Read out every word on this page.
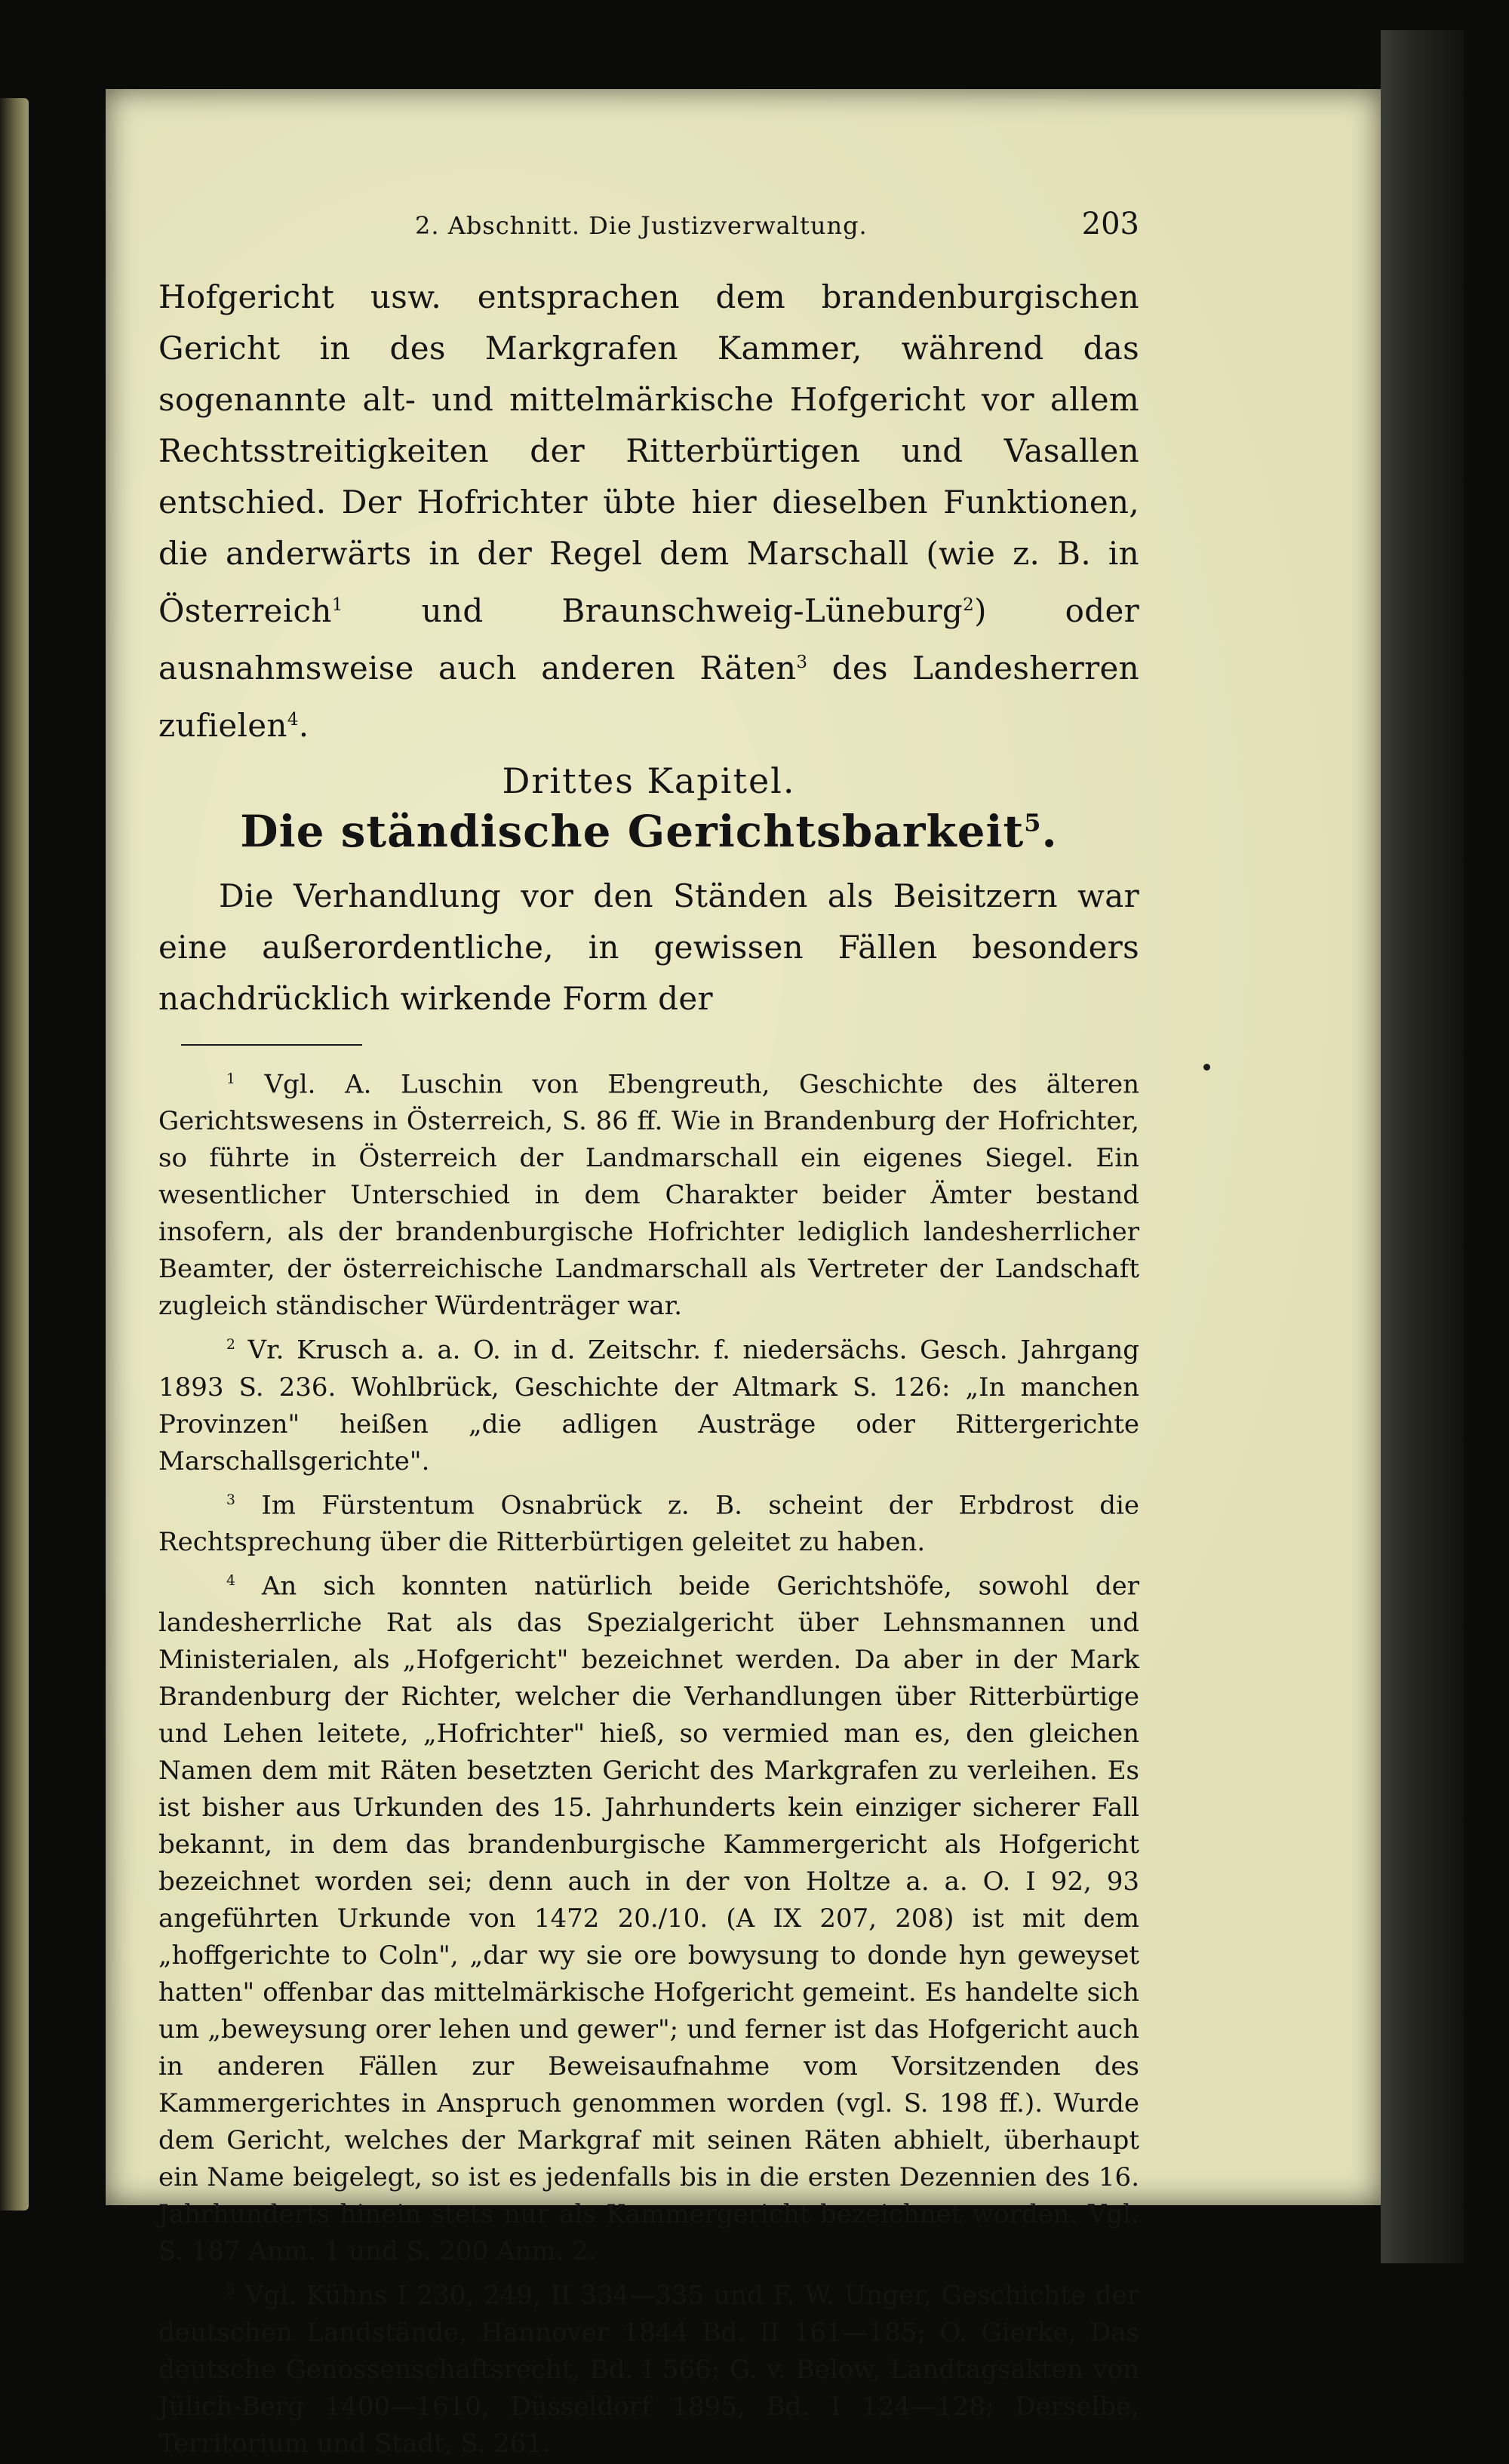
2. Abschnitt. Die Justizverwaltung.	203

Hofgericht usw. entsprachen dem brandenburgischen Gericht in des Markgrafen Kammer, während das sogenannte alt- und mittelmärkische Hofgericht vor allem Rechtsstreitigkeiten der Ritterbürtigen und Vasallen entschied. Der Hofrichter übte hier dieselben Funktionen, die anderwärts in der Regel dem Marschall (wie z. B. in Österreich$^1$ und Braunschweig-Lüneburg$^2$) oder ausnahmsweise auch anderen Räten$^3$ des Landesherren zufielen$^4$.

Drittes Kapitel.
Die ständische Gerichtsbarkeit$^5$.

Die Verhandlung vor den Ständen als Beisitzern war eine außerordentliche, in gewissen Fällen besonders nachdrücklich wirkende Form der

$^1$ Vgl. A. Luschin von Ebengreuth, Geschichte des älteren Gerichtswesens in Österreich, S. 86 ff. Wie in Brandenburg der Hofrichter, so führte in Österreich der Landmarschall ein eigenes Siegel. Ein wesentlicher Unterschied in dem Charakter beider Ämter bestand insofern, als der brandenburgische Hofrichter lediglich landesherrlicher Beamter, der österreichische Landmarschall als Vertreter der Landschaft zugleich ständischer Würdenträger war.

$^2$ Vr. Krusch a. a. O. in d. Zeitschr. f. niedersächs. Gesch. Jahrgang 1893 S. 236. Wohlbrück, Geschichte der Altmark S. 126: „In manchen Provinzen" heißen „die adligen Austräge oder Rittergerichte Marschallsgerichte".

$^3$ Im Fürstentum Osnabrück z. B. scheint der Erbdrost die Rechtsprechung über die Ritterbürtigen geleitet zu haben.

$^4$ An sich konnten natürlich beide Gerichtshöfe, sowohl der landesherrliche Rat als das Spezialgericht über Lehnsmannen und Ministerialen, als „Hofgericht" bezeichnet werden. Da aber in der Mark Brandenburg der Richter, welcher die Verhandlungen über Ritterbürtige und Lehen leitete, „Hofrichter" hieß, so vermied man es, den gleichen Namen dem mit Räten besetzten Gericht des Markgrafen zu verleihen. Es ist bisher aus Urkunden des 15. Jahrhunderts kein einziger sicherer Fall bekannt, in dem das brandenburgische Kammergericht als Hofgericht bezeichnet worden sei; denn auch in der von Holtze a. a. O. I 92, 93 angeführten Urkunde von 1472 20./10. (A IX 207, 208) ist mit dem „hoffgerichte to Coln", „dar wy sie ore bowysung to donde hyn geweyset hatten" offenbar das mittelmärkische Hofgericht gemeint. Es handelte sich um „beweysung orer lehen und gewer"; und ferner ist das Hofgericht auch in anderen Fällen zur Beweisaufnahme vom Vorsitzenden des Kammergerichtes in Anspruch genommen worden (vgl. S. 198 ff.). Wurde dem Gericht, welches der Markgraf mit seinen Räten abhielt, überhaupt ein Name beigelegt, so ist es jedenfalls bis in die ersten Dezennien des 16. Jahrhunderts hinein stets nur als Kammergericht bezeichnet worden. Vgl. S. 187 Anm. 1 und S. 200 Anm. 2.

$^5$ Vgl. Kühns I 230, 249, II 334—335 und F. W. Unger, Geschichte der deutschen Landstände, Hannover 1844 Bd. II 161—185; O. Gierke, Das deutsche Genossenschaftsrecht, Bd. I 566; G. v. Below, Landtagsakten von Jülich-Berg 1400—1610, Düsseldorf 1895, Bd. I 124—128; Derselbe, Territorium und Stadt, S. 261.
